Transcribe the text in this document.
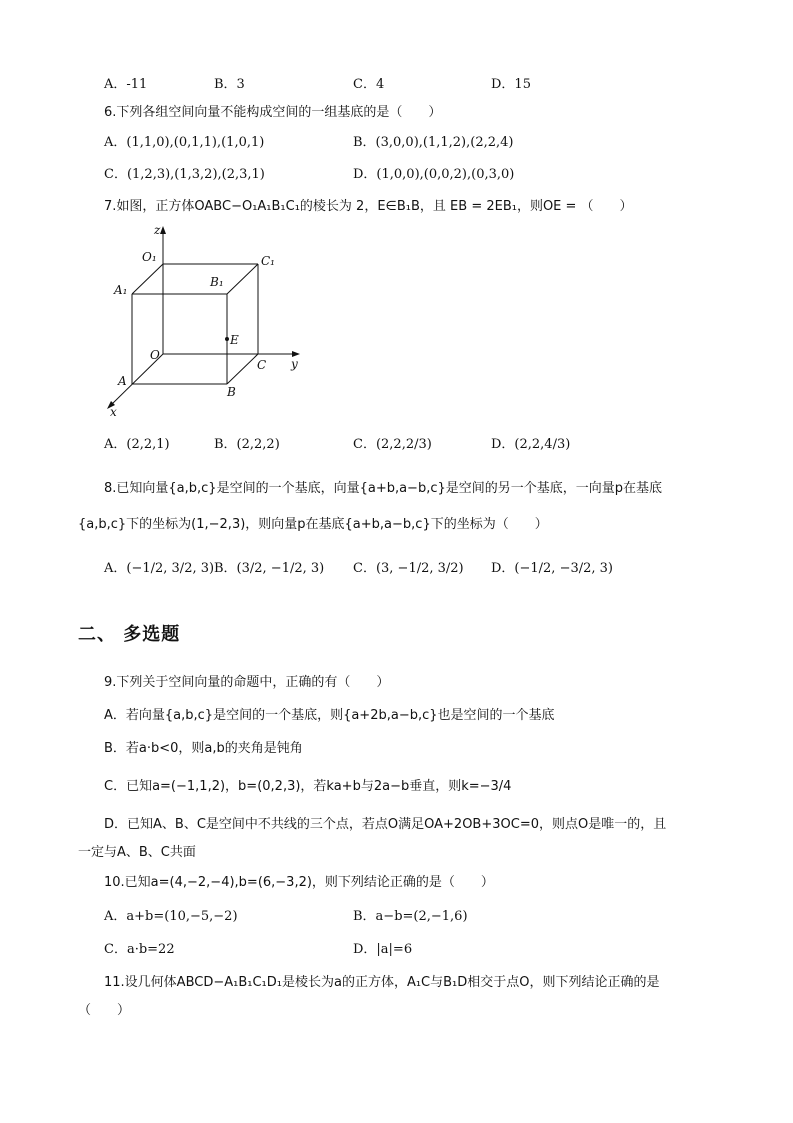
A．-11	B．3	C．4	D．15
6.下列各组空间向量不能构成空间的一组基底的是（　　）
A．(1,1,0),(0,1,1),(1,0,1)	B．(3,0,0),(1,1,2),(2,2,4)
C．(1,2,3),(1,3,2),(2,3,1)	D．(1,0,0),(0,0,2),(0,3,0)
7.如图，正方体OABC−O₁A₁B₁C₁的棱长为 2，E∈B₁B，且 EB = 2EB₁，则OE = （　　）
z
O₁	C₁
A₁
B₁
E
O
y
C
A
B
x
A．(2,2,1)	B．(2,2,2)	C．(2,2,2/3)	D．(2,2,4/3)
8.已知向量{a,b,c}是空间的一个基底，向量{a+b,a−b,c}是空间的另一个基底，一向量p在基底
{a,b,c}下的坐标为(1,−2,3)，则向量p在基底{a+b,a−b,c}下的坐标为（　　）
A．(−1/2, 3/2, 3) B．(3/2, −1/2, 3) C．(3, −1/2, 3/2) D．(−1/2, −3/2, 3)
二、 多选题
9.下列关于空间向量的命题中，正确的有（　　）
A．若向量{a,b,c}是空间的一个基底，则{a+2b,a−b,c}也是空间的一个基底
B．若a·b<0，则a,b的夹角是钝角
C．已知a=(−1,1,2)，b=(0,2,3)，若ka+b与2a−b垂直，则k=−3/4
D．已知A、B、C是空间中不共线的三个点，若点O满足OA+2OB+3OC=0，则点O是唯一的，且
一定与A、B、C共面
10.已知a=(4,−2,−4),b=(6,−3,2)，则下列结论正确的是（　　）
A．a+b=(10,−5,−2)	B．a−b=(2,−1,6)
C．a·b=22	D．|a|=6
11.设几何体ABCD−A₁B₁C₁D₁是棱长为a的正方体，A₁C与B₁D相交于点O，则下列结论正确的是
（　　）
